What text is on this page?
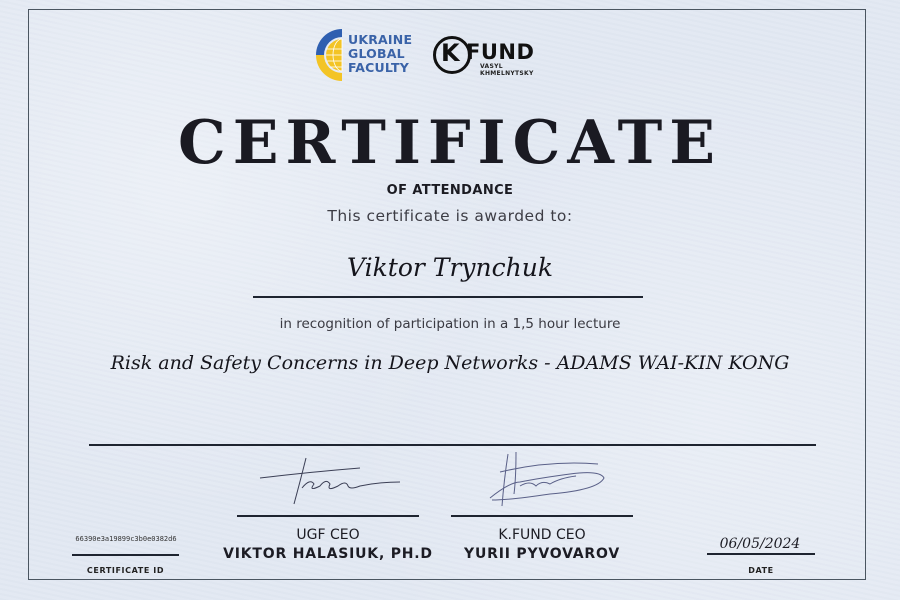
UKRAINE
GLOBAL
FACULTY
K FUND
VASYL
KHMELNYTSKY
CERTIFICATE
OF ATTENDANCE
This certificate is awarded to:
Viktor Trynchuk
in recognition of participation in a 1,5 hour lecture
Risk and Safety Concerns in Deep Networks - ADAMS WAI-KIN KONG
UGF CEO
VIKTOR HALASIUK, PH.D
K.FUND CEO
YURII PYVOVAROV
66390e3a19899c3b0e0382d6
CERTIFICATE ID
06/05/2024
DATE
